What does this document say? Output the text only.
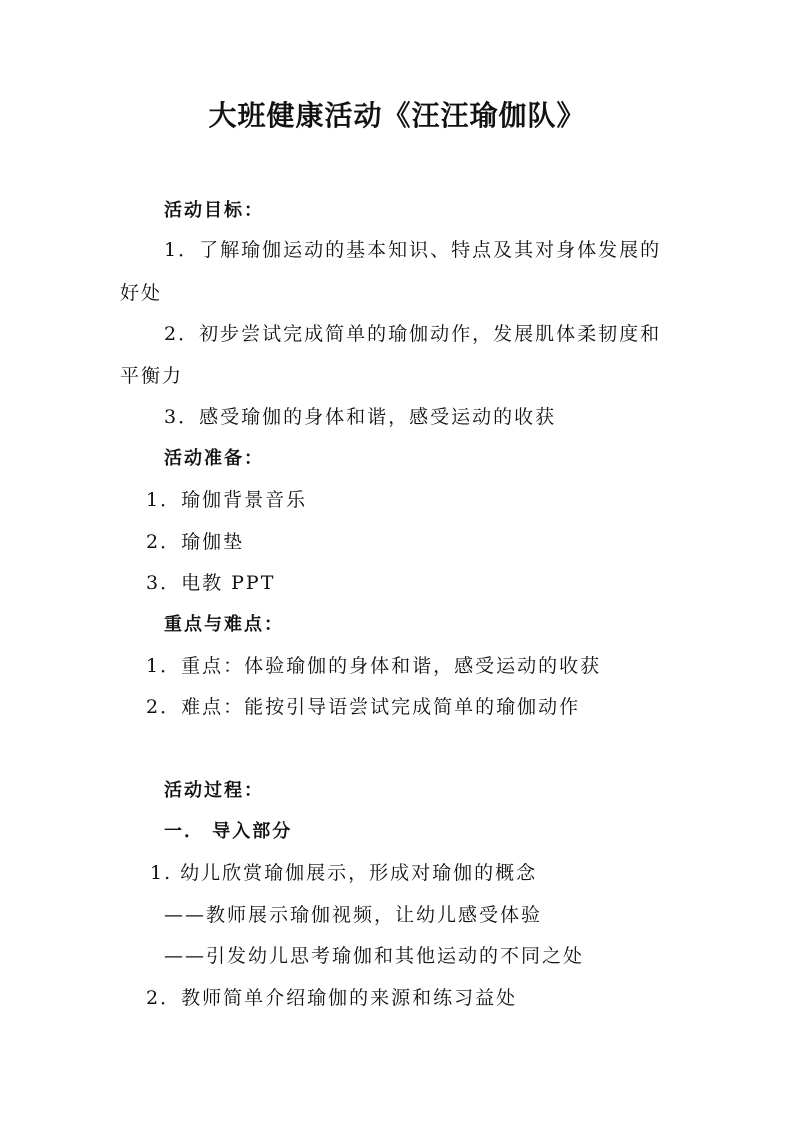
大班健康活动《汪汪瑜伽队》
活动目标：
1．了解瑜伽运动的基本知识、特点及其对身体发展的
好处
2．初步尝试完成简单的瑜伽动作，发展肌体柔韧度和
平衡力
3．感受瑜伽的身体和谐，感受运动的收获
活动准备：
1．瑜伽背景音乐
2．瑜伽垫
3．电教 PPT
重点与难点：
1．重点：体验瑜伽的身体和谐，感受运动的收获
2．难点：能按引导语尝试完成简单的瑜伽动作
活动过程：
一． 导入部分
1. 幼儿欣赏瑜伽展示，形成对瑜伽的概念
——教师展示瑜伽视频，让幼儿感受体验
——引发幼儿思考瑜伽和其他运动的不同之处
2．教师简单介绍瑜伽的来源和练习益处
